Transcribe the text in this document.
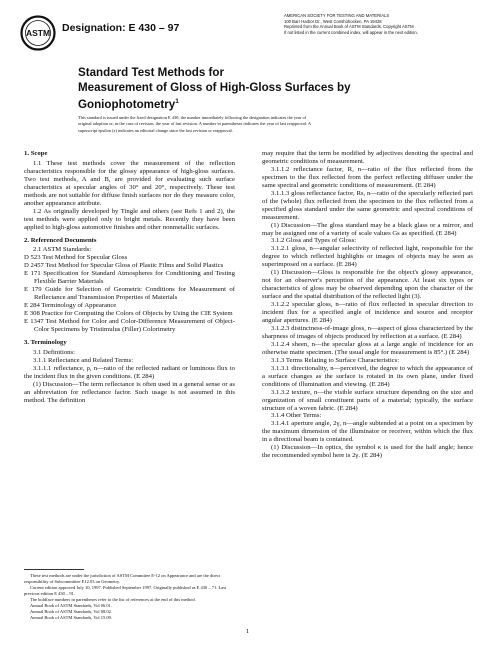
ASTM Designation: E 430 – 97
AMERICAN SOCIETY FOR TESTING AND MATERIALS
100 Barr Harbor Dr., West Conshohocken, PA 19428
Reprinted from the Annual Book of ASTM Standards. Copyright ASTM
If not listed in the current combined index, will appear in the next edition.
Standard Test Methods for
Measurement of Gloss of High-Gloss Surfaces by
Goniophotometry$^1$
This standard is issued under the fixed designation E 430; the number immediately following the designation indicates the year of
original adoption or, in the case of revision, the year of last revision. A number in parentheses indicates the year of last reapproval. A
superscript epsilon (ε) indicates an editorial change since the last revision or reapproval.

1. Scope

1.1 These test methods cover the measurement of the reflection characteristics responsible for the glossy appearance of high-gloss surfaces. Two test methods, A and B, are provided for evaluating such surface characteristics at specular angles of 30° and 20°, respectively. These test methods are not suitable for diffuse finish surfaces nor do they measure color, another appearance attribute.

1.2 As originally developed by Tingle and others (see Refs 1 and 2), the test methods were applied only to bright metals. Recently they have been applied to high-gloss automotive finishes and other nonmetallic surfaces.

2. Referenced Documents

2.1 ASTM Standards:

D 523 Test Method for Specular Gloss

D 2457 Test Method for Specular Gloss of Plastic Films and Solid Plastics

E 171 Specification for Standard Atmospheres for Conditioning and Testing Flexible Barrier Materials

E 179 Guide for Selection of Geometric Conditions for Measurement of Reflectance and Transmission Properties of Materials

E 284 Terminology of Appearance

E 308 Practice for Computing the Colors of Objects by Using the CIE System

E 1347 Test Method for Color and Color-Difference Measurement of Object-Color Specimens by Tristimulus (Filler) Colorimetry

3. Terminology

3.1 Definitions:

3.1.1 Reflectance and Related Terms:

3.1.1.1 reflectance, ρ, n—ratio of the reflected radiant or luminous flux to the incident flux in the given conditions. (E 284)

(1) Discussion—The term reflectance is often used in a general sense or as an abbreviation for reflectance factor. Such usage is not assumed in this method. The definition

These test methods are under the jurisdiction of ASTM Committee E-12 on Appearance and are the direct responsibility of Subcommittee E12.03 on Geometry.

Current edition approved July 10, 1997. Published September 1997. Originally published as E 430 – 71. Last previous edition E 430 – 91.

The boldface numbers in parentheses refer to the list of references at the end of this method.

Annual Book of ASTM Standards, Vol 06.01.

Annual Book of ASTM Standards, Vol 08.02.

Annual Book of ASTM Standards, Vol 15.09.

may require that the term be modified by adjectives denoting the spectral and geometric conditions of measurement.

3.1.1.2 reflectance factor, R, n—ratio of the flux reflected from the specimen to the flux reflected from the perfect reflecting diffuser under the same spectral and geometric conditions of measurement. (E 284)

3.1.1.3 gloss reflectance factor, Rs, n—ratio of the specularly reflected part of the (whole) flux reflected from the specimen to the flux reflected from a specified gloss standard under the same geometric and spectral conditions of measurement.

(1) Discussion—The gloss standard may be a black glass or a mirror, and may be assigned one of a variety of scale values Gs as specified. (E 284)

3.1.2 Gloss and Types of Gloss:

3.1.2.1 gloss, n—angular selectivity of reflected light, responsible for the degree to which reflected highlights or images of objects may be seen as superimposed on a surface. (E 284)

(1) Discussion—Gloss is responsible for the object's glossy appearance, not for an observer's perception of the appearance. At least six types or characteristics of gloss may be observed depending upon the character of the surface and the spatial distribution of the reflected light (3).

3.1.2.2 specular gloss, n—ratio of flux reflected in specular direction to incident flux for a specified angle of incidence and source and receptor angular apertures. (E 284)

3.1.2.3 distinctness-of-image gloss, n—aspect of gloss characterized by the sharpness of images of objects produced by reflection at a surface. (E 284)

3.1.2.4 sheen, n—the specular gloss at a large angle of incidence for an otherwise matte specimen. (The usual angle for measurement is 85°.) (E 284)

3.1.3 Terms Relating to Surface Characteristics:

3.1.3.1 directionality, n—perceived, the degree to which the appearance of a surface changes as the surface is rotated in its own plane, under fixed conditions of illumination and viewing. (E 284)

3.1.3.2 texture, n—the visible surface structure depending on the size and organization of small constituent parts of a material; typically, the surface structure of a woven fabric. (E 284)

3.1.4 Other Terms:

3.1.4.1 aperture angle, 2γ, n—angle subtended at a point on a specimen by the maximum dimension of the illuminator or receiver, within which the flux in a directional beam is contained.

(1) Discussion—In optics, the symbol κ is used for the half angle; hence the recommended symbol here is 2γ. (E 284)

1
